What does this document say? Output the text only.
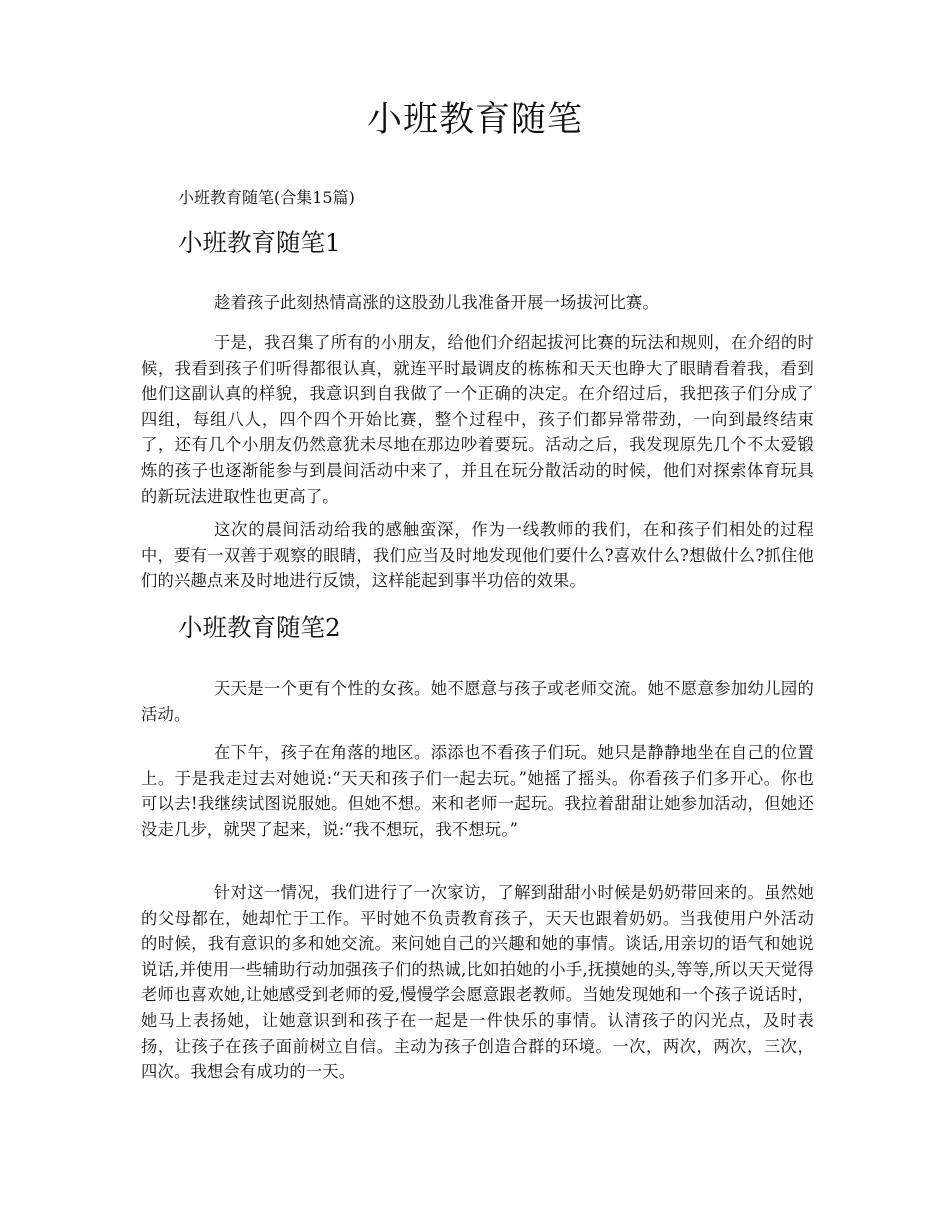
小班教育随笔

小班教育随笔(合集15篇)

小班教育随笔1

趁着孩子此刻热情高涨的这股劲儿我准备开展一场拔河比赛。

于是，我召集了所有的小朋友，给他们介绍起拔河比赛的玩法和规则，在介绍的时候，我看到孩子们听得都很认真，就连平时最调皮的栋栋和天天也睁大了眼睛看着我，看到他们这副认真的样貌，我意识到自我做了一个正确的决定。在介绍过后，我把孩子们分成了四组，每组八人，四个四个开始比赛，整个过程中，孩子们都异常带劲，一向到最终结束了，还有几个小朋友仍然意犹未尽地在那边吵着要玩。活动之后，我发现原先几个不太爱锻炼的孩子也逐渐能参与到晨间活动中来了，并且在玩分散活动的时候，他们对探索体育玩具的新玩法进取性也更高了。

这次的晨间活动给我的感触蛮深，作为一线教师的我们，在和孩子们相处的过程中，要有一双善于观察的眼睛，我们应当及时地发现他们要什么?喜欢什么?想做什么?抓住他们的兴趣点来及时地进行反馈，这样能起到事半功倍的效果。

小班教育随笔2

天天是一个更有个性的女孩。她不愿意与孩子或老师交流。她不愿意参加幼儿园的活动。

在下午，孩子在角落的地区。添添也不看孩子们玩。她只是静静地坐在自己的位置上。于是我走过去对她说:“天天和孩子们一起去玩。”她摇了摇头。你看孩子们多开心。你也可以去!我继续试图说服她。但她不想。来和老师一起玩。我拉着甜甜让她参加活动，但她还没走几步，就哭了起来，说:“我不想玩，我不想玩。”

针对这一情况，我们进行了一次家访，了解到甜甜小时候是奶奶带回来的。虽然她的父母都在，她却忙于工作。平时她不负责教育孩子，天天也跟着奶奶。当我使用户外活动的时候，我有意识的多和她交流。来问她自己的兴趣和她的事情。谈话,用亲切的语气和她说说话,并使用一些辅助行动加强孩子们的热诚,比如拍她的小手,抚摸她的头,等等,所以天天觉得老师也喜欢她,让她感受到老师的爱,慢慢学会愿意跟老教师。当她发现她和一个孩子说话时，她马上表扬她，让她意识到和孩子在一起是一件快乐的事情。认清孩子的闪光点，及时表扬，让孩子在孩子面前树立自信。主动为孩子创造合群的环境。一次，两次，两次，三次，四次。我想会有成功的一天。
